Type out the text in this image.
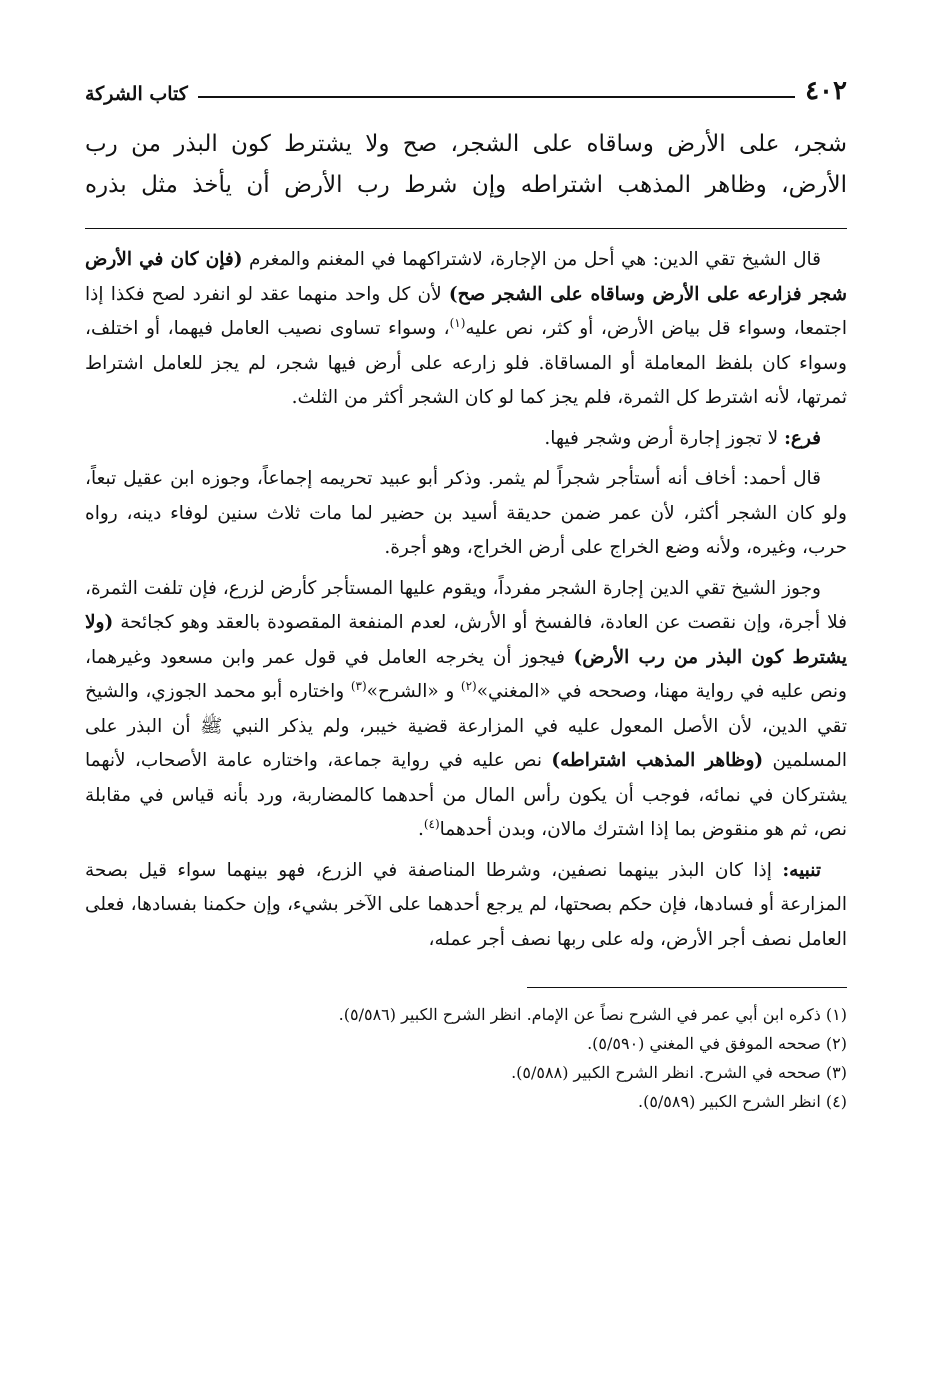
٤٠٢
كتاب الشركة
شجر، على الأرض وساقاه على الشجر، صح ولا يشترط كون البذر من رب
الأرض، وظاهر المذهب اشتراطه وإن شرط رب الأرض أن يأخذ مثل بذره

قال الشيخ تقي الدين: هي أحل من الإجارة، لاشتراكهما في المغنم والمغرم (فإن كان في الأرض شجر فزارعه على الأرض وساقاه على الشجر صح) لأن كل واحد منهما عقد لو انفرد لصح فكذا إذا اجتمعا، وسواء قل بياض الأرض، أو كثر، نص عليه$^{(١)}$، وسواء تساوى نصيب العامل فيهما، أو اختلف، وسواء كان بلفظ المعاملة أو المساقاة. فلو زارعه على أرض فيها شجر، لم يجز للعامل اشتراط ثمرتها، لأنه اشترط كل الثمرة، فلم يجز كما لو كان الشجر أكثر من الثلث.

فرع: لا تجوز إجارة أرض وشجر فيها.

قال أحمد: أخاف أنه أستأجر شجراً لم يثمر. وذكر أبو عبيد تحريمه إجماعاً، وجوزه ابن عقيل تبعاً، ولو كان الشجر أكثر، لأن عمر ضمن حديقة أسيد بن حضير لما مات ثلاث سنين لوفاء دينه، رواه حرب، وغيره، ولأنه وضع الخراج على أرض الخراج، وهو أجرة.

وجوز الشيخ تقي الدين إجارة الشجر مفرداً، ويقوم عليها المستأجر كأرض لزرع، فإن تلفت الثمرة، فلا أجرة، وإن نقصت عن العادة، فالفسخ أو الأرش، لعدم المنفعة المقصودة بالعقد وهو كجائحة (ولا يشترط كون البذر من رب الأرض) فيجوز أن يخرجه العامل في قول عمر وابن مسعود وغيرهما، ونص عليه في رواية مهنا، وصححه في «المغني»$^{(٢)}$ و «الشرح»$^{(٣)}$ واختاره أبو محمد الجوزي، والشيخ تقي الدين، لأن الأصل المعول عليه في المزارعة قضية خيبر، ولم يذكر النبي ﷺ أن البذر على المسلمين (وظاهر المذهب اشتراطه) نص عليه في رواية جماعة، واختاره عامة الأصحاب، لأنهما يشتركان في نمائه، فوجب أن يكون رأس المال من أحدهما كالمضاربة، ورد بأنه قياس في مقابلة نص، ثم هو منقوض بما إذا اشترك مالان، وبدن أحدهما$^{(٤)}$.

تنبيه: إذا كان البذر بينهما نصفين، وشرطا المناصفة في الزرع، فهو بينهما سواء قيل بصحة المزارعة أو فسادها، فإن حكم بصحتها، لم يرجع أحدهما على الآخر بشيء، وإن حكمنا بفسادها، فعلى العامل نصف أجر الأرض، وله على ربها نصف أجر عمله،

(١) ذكره ابن أبي عمر في الشرح نصاً عن الإمام. انظر الشرح الكبير (٥/٥٨٦).
(٢) صححه الموفق في المغني (٥/٥٩٠).
(٣) صححه في الشرح. انظر الشرح الكبير (٥/٥٨٨).
(٤) انظر الشرح الكبير (٥/٥٨٩).
